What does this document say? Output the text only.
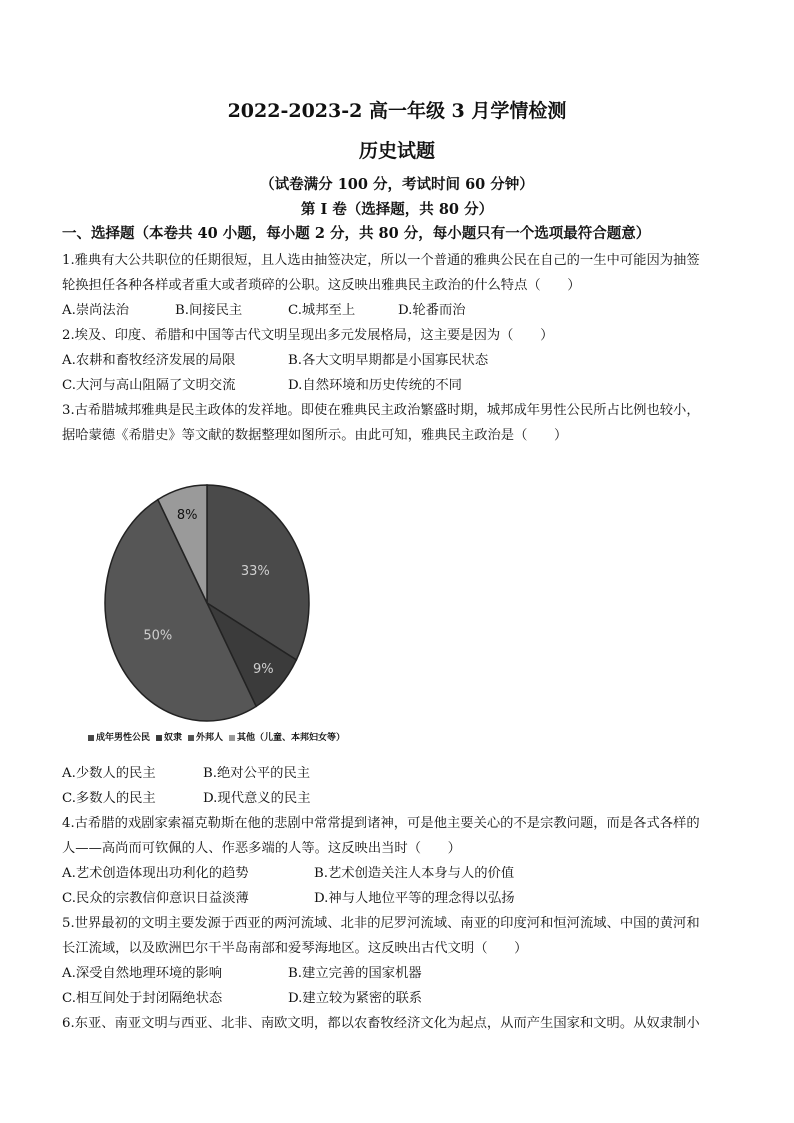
2022-2023-2 高一年级 3 月学情检测
历史试题
（试卷满分 100 分，考试时间 60 分钟）
第 I 卷（选择题，共 80 分）
一、选择题（本卷共 40 小题，每小题 2 分，共 80 分，每小题只有一个选项最符合题意）
1.雅典有大公共职位的任期很短，且人选由抽签决定，所以一个普通的雅典公民在自己的一生中可能因为抽签
轮换担任各种各样或者重大或者琐碎的公职。这反映出雅典民主政治的什么特点（　　）
A.崇尚法治	B.间接民主	C.城邦至上	D.轮番而治
2.埃及、印度、希腊和中国等古代文明呈现出多元发展格局，这主要是因为（　　）
A.农耕和畜牧经济发展的局限	B.各大文明早期都是小国寡民状态
C.大河与高山阻隔了文明交流	D.自然环境和历史传统的不同
3.古希腊城邦雅典是民主政体的发祥地。即使在雅典民主政治繁盛时期，城邦成年男性公民所占比例也较小，
据哈蒙德《希腊史》等文献的数据整理如图所示。由此可知，雅典民主政治是（　　）
33%
9%
50%
8%
成年男性公民 奴隶 外邦人 其他（儿童、本邦妇女等）
A.少数人的民主	B.绝对公平的民主
C.多数人的民主	D.现代意义的民主
4.古希腊的戏剧家索福克勒斯在他的悲剧中常常提到诸神，可是他主要关心的不是宗教问题，而是各式各样的
人——高尚而可钦佩的人、作恶多端的人等。这反映出当时（　　）
A.艺术创造体现出功利化的趋势	B.艺术创造关注人本身与人的价值
C.民众的宗教信仰意识日益淡薄	D.神与人地位平等的理念得以弘扬
5.世界最初的文明主要发源于西亚的两河流域、北非的尼罗河流域、南亚的印度河和恒河流域、中国的黄河和
长江流域，以及欧洲巴尔干半岛南部和爱琴海地区。这反映出古代文明（　　）
A.深受自然地理环境的影响	B.建立完善的国家机器
C.相互间处于封闭隔绝状态	D.建立较为紧密的联系
6.东亚、南亚文明与西亚、北非、南欧文明，都以农畜牧经济文化为起点，从而产生国家和文明。从奴隶制小
